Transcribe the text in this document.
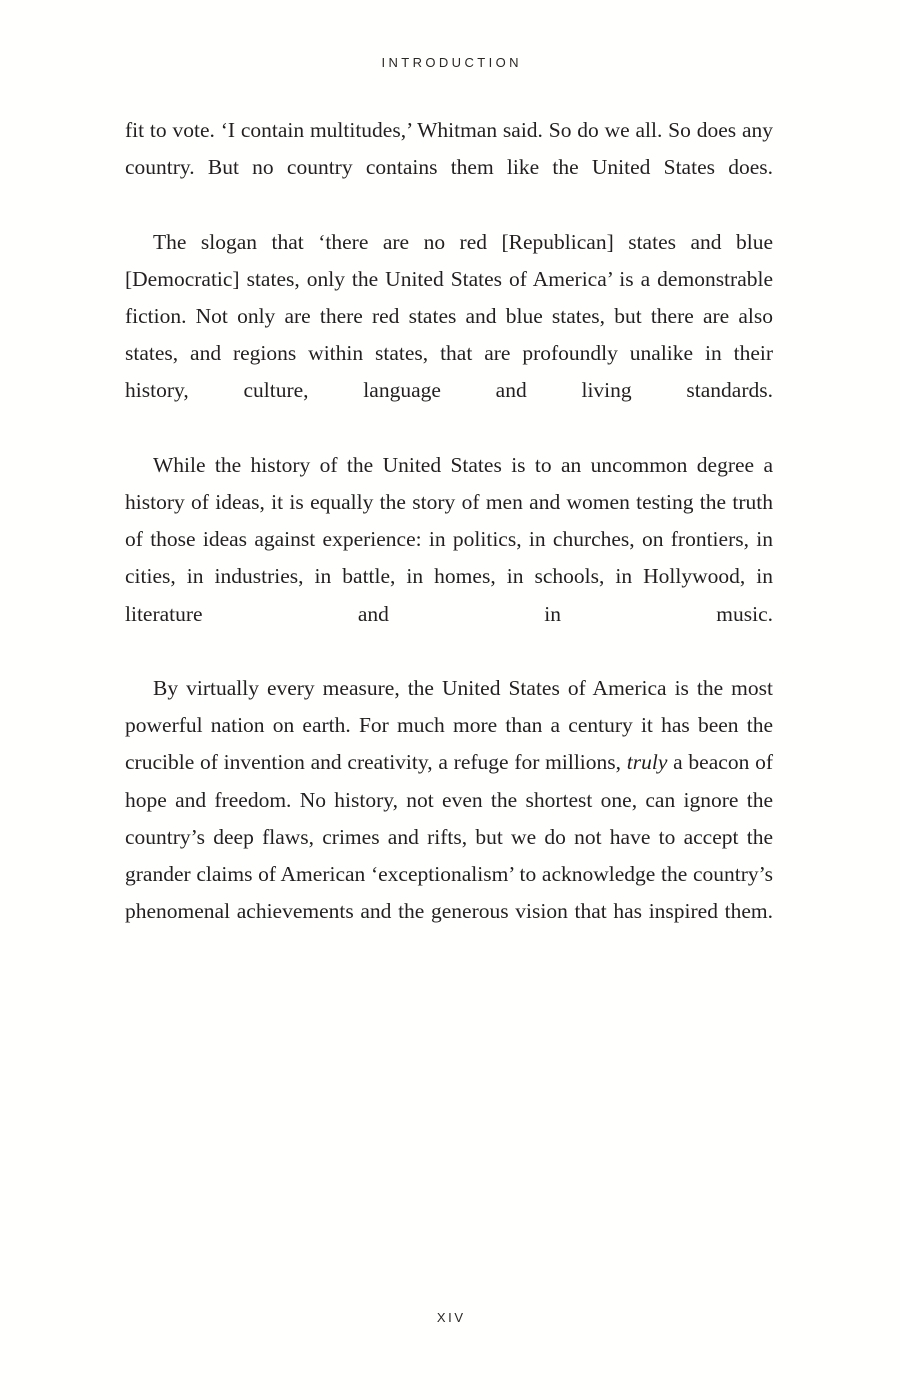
INTRODUCTION

fit to vote. ‘I contain multitudes,’ Whitman said. So do we all. So does any country. But no country contains them like the United States does.

The slogan that ‘there are no red [Republican] states and blue [Democratic] states, only the United States of America’ is a demonstrable fiction. Not only are there red states and blue states, but there are also states, and regions within states, that are profoundly unalike in their history, culture, language and living standards.

While the history of the United States is to an uncommon degree a history of ideas, it is equally the story of men and women testing the truth of those ideas against experience: in politics, in churches, on frontiers, in cities, in industries, in battle, in homes, in schools, in Hollywood, in literature and in music.

By virtually every measure, the United States of America is the most powerful nation on earth. For much more than a century it has been the crucible of invention and creativity, a refuge for millions, truly a beacon of hope and freedom. No history, not even the shortest one, can ignore the country’s deep flaws, crimes and rifts, but we do not have to accept the grander claims of American ‘exceptionalism’ to acknowledge the country’s phenomenal achievements and the generous vision that has inspired them.

XIV
